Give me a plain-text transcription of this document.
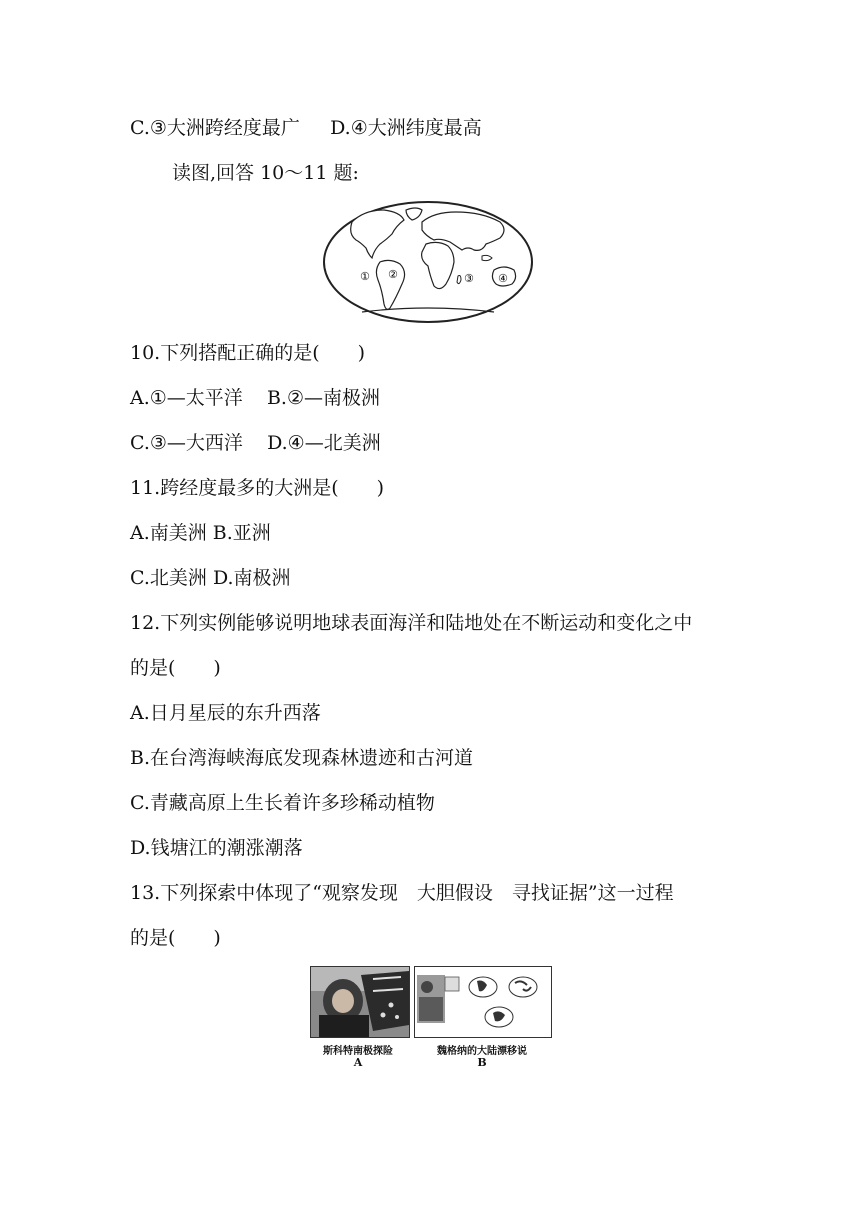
C.③大洲跨经度最广     D.④大洲纬度最高
读图,回答 10～11 题:
① ②	③ ④
10.下列搭配正确的是(　　)
A.①—太平洋    B.②—南极洲
C.③—大西洋    D.④—北美洲
11.跨经度最多的大洲是(　　)
A.南美洲 B.亚洲
C.北美洲 D.南极洲
12.下列实例能够说明地球表面海洋和陆地处在不断运动和变化之中
的是(　　)
A.日月星辰的东升西落
B.在台湾海峡海底发现森林遗迹和古河道
C.青藏高原上生长着许多珍稀动植物
D.钱塘江的潮涨潮落
13.下列探索中体现了“观察发现　大胆假设　寻找证据”这一过程
的是(　　)
斯科特南极探险
A
魏格纳的大陆漂移说
B
